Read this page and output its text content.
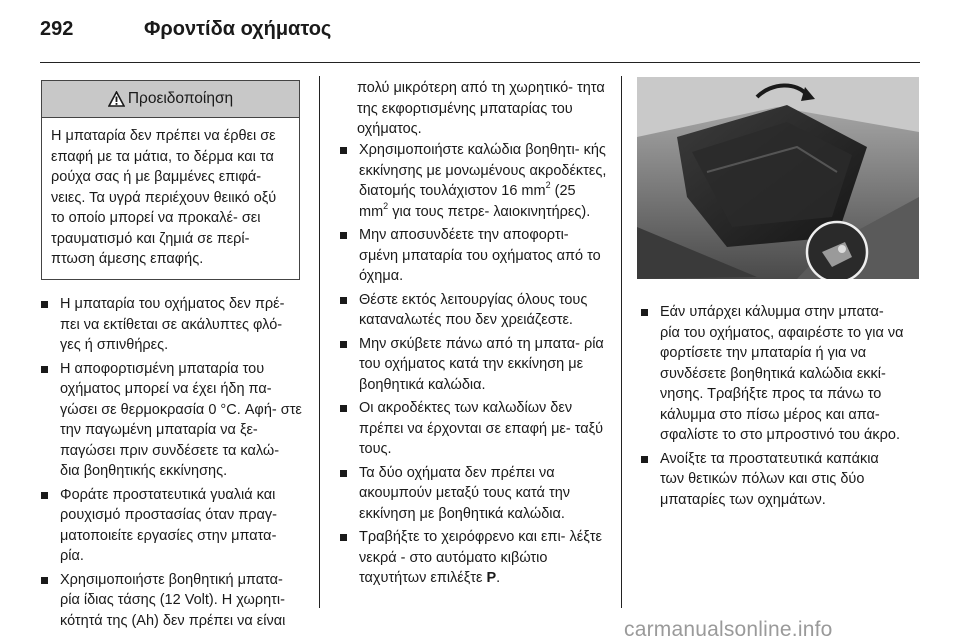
292	Φροντίδα οχήματος
Προειδοποίηση
Η μπαταρία δεν πρέπει να έρθει σε επαφή με τα μάτια, το δέρμα και τα ρούχα σας ή με βαμμένες επιφά- νειες. Τα υγρά περιέχουν θειικό οξύ το οποίο μπορεί να προκαλέ- σει τραυματισμό και ζημιά σε περί- πτωση άμεσης επαφής.
Η μπαταρία του οχήματος δεν πρέ- πει να εκτίθεται σε ακάλυπτες φλό- γες ή σπινθήρες.
Η αποφορτισμένη μπαταρία του οχήματος μπορεί να έχει ήδη πα- γώσει σε θερμοκρασία 0 °C. Αφή- στε την παγωμένη μπαταρία να ξε- παγώσει πριν συνδέσετε τα καλώ- δια βοηθητικής εκκίνησης.
Φοράτε προστατευτικά γυαλιά και ρουχισμό προστασίας όταν πραγ- ματοποιείτε εργασίες στην μπατα- ρία.
Χρησιμοποιήστε βοηθητική μπατα- ρία ίδιας τάσης (12 Volt). Η χωρητι- κότητά της (Ah) δεν πρέπει να είναι
πολύ μικρότερη από τη χωρητικό- τητα της εκφορτισμένης μπαταρίας του οχήματος.
Χρησιμοποιήστε καλώδια βοηθητι- κής εκκίνησης με μονωμένους ακροδέκτες, διατομής τουλάχιστον 16 $mm^2$ (25 $mm^2$ για τους πετρε- λαιοκινητήρες).
Μην αποσυνδέετε την αποφορτι- σμένη μπαταρία του οχήματος από το όχημα.
Θέστε εκτός λειτουργίας όλους τους καταναλωτές που δεν χρειάζεστε.
Μην σκύβετε πάνω από τη μπατα- ρία του οχήματος κατά την εκκίνηση με βοηθητικά καλώδια.
Οι ακροδέκτες των καλωδίων δεν πρέπει να έρχονται σε επαφή με- ταξύ τους.
Τα δύο οχήματα δεν πρέπει να ακουμπούν μεταξύ τους κατά την εκκίνηση με βοηθητικά καλώδια.
Τραβήξτε το χειρόφρενο και επι- λέξτε νεκρά - στο αυτόματο κιβώτιο ταχυτήτων επιλέξτε P.
Εάν υπάρχει κάλυμμα στην μπατα- ρία του οχήματος, αφαιρέστε το για να φορτίσετε την μπαταρία ή για να συνδέσετε βοηθητικά καλώδια εκκί- νησης. Τραβήξτε προς τα πάνω το κάλυμμα στο πίσω μέρος και απα- σφαλίστε το στο μπροστινό του άκρο.
Ανοίξτε τα προστατευτικά καπάκια των θετικών πόλων και στις δύο μπαταρίες των οχημάτων.
carmanualsonline.info
